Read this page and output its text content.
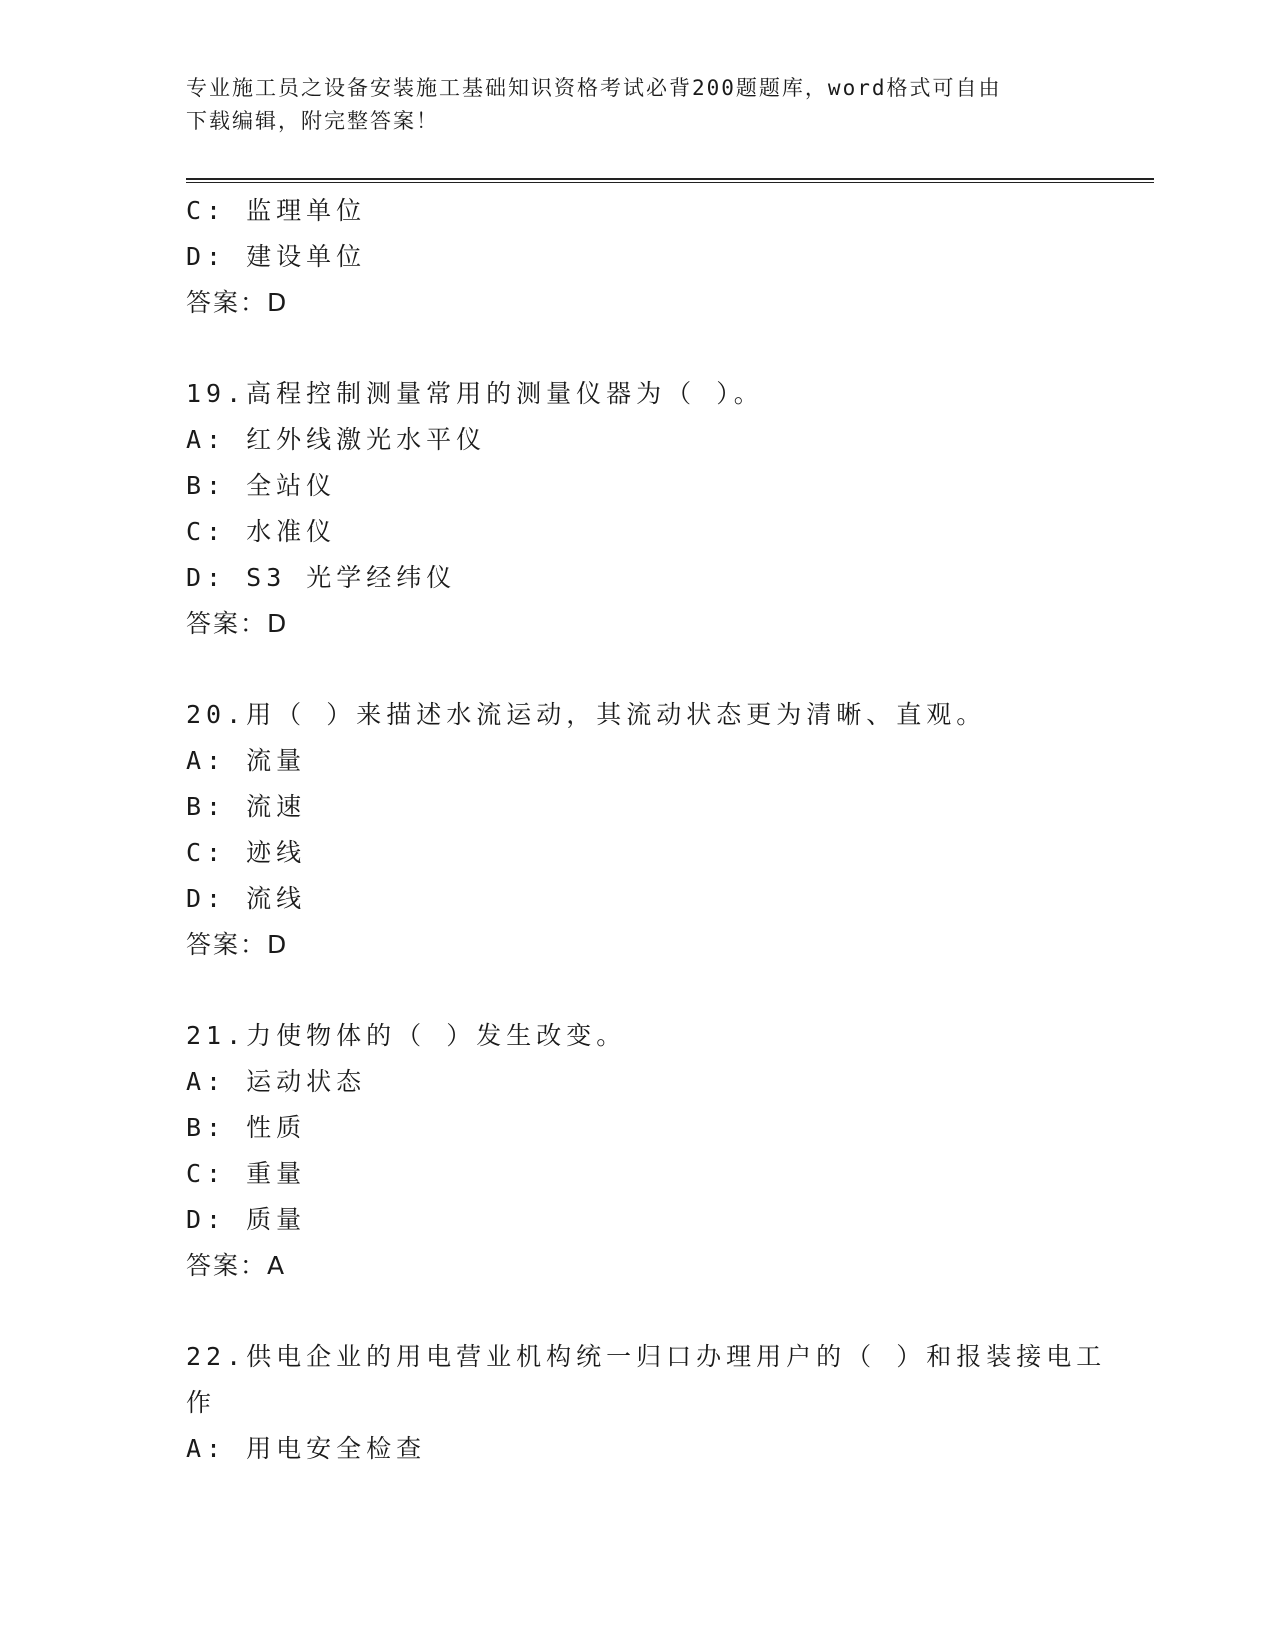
专业施工员之设备安装施工基础知识资格考试必背200题题库，word格式可自由
下载编辑，附完整答案！
C: 监理单位
D: 建设单位
答案：D
19.高程控制测量常用的测量仪器为（ ）。
A: 红外线激光水平仪
B: 全站仪
C: 水准仪
D: S3 光学经纬仪
答案：D
20.用（ ）来描述水流运动，其流动状态更为清晰、直观。
A: 流量
B: 流速
C: 迹线
D: 流线
答案：D
21.力使物体的（ ）发生改变。
A: 运动状态
B: 性质
C: 重量
D: 质量
答案：A
22.供电企业的用电营业机构统一归口办理用户的（ ）和报装接电工
作
A: 用电安全检查
